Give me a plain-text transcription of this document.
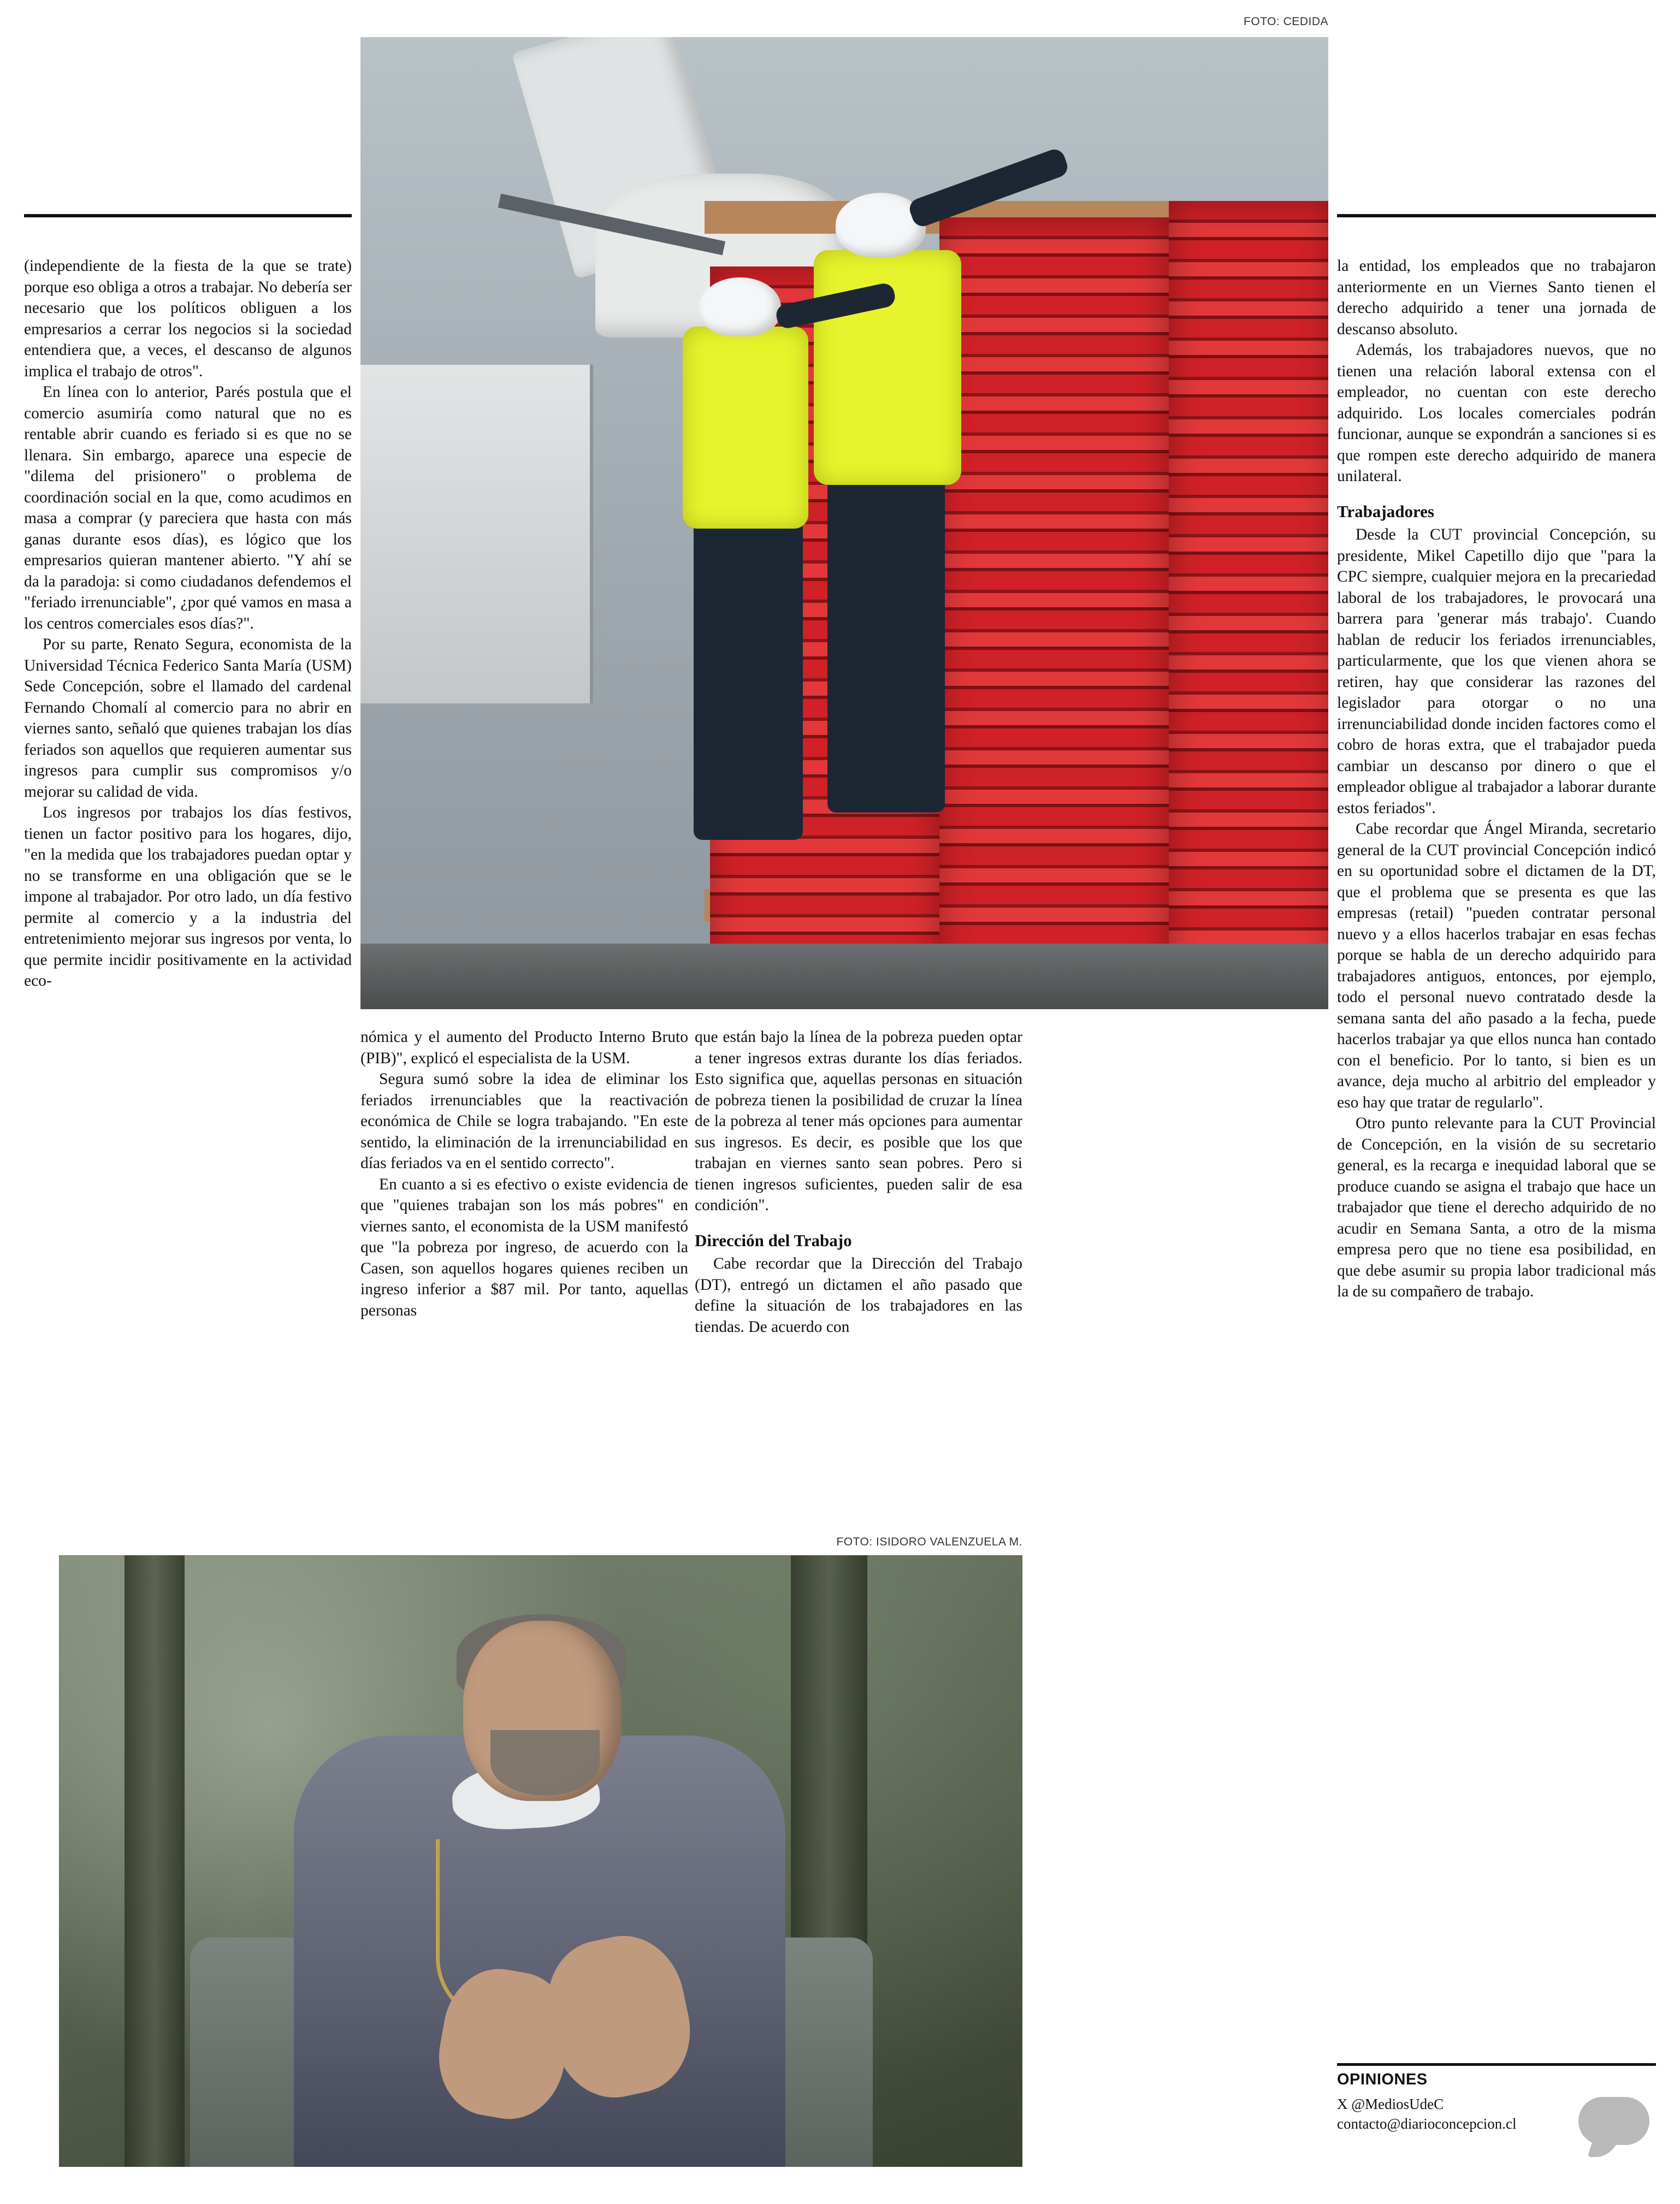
FOTO: CEDIDA

(independiente de la fiesta de la que se trate) porque eso obliga a otros a trabajar. No debería ser necesario que los políticos obliguen a los empresarios a cerrar los negocios si la sociedad entendiera que, a veces, el descanso de algunos implica el trabajo de otros".

En línea con lo anterior, Parés postula que el comercio asumiría como natural que no es rentable abrir cuando es feriado si es que no se llenara. Sin embargo, aparece una especie de "dilema del prisionero" o problema de coordinación social en la que, como acudimos en masa a comprar (y pareciera que hasta con más ganas durante esos días), es lógico que los empresarios quieran mantener abierto. "Y ahí se da la paradoja: si como ciudadanos defendemos el "feriado irrenunciable", ¿por qué vamos en masa a los centros comerciales esos días?".

Por su parte, Renato Segura, economista de la Universidad Técnica Federico Santa María (USM) Sede Concepción, sobre el llamado del cardenal Fernando Chomalí al comercio para no abrir en viernes santo, señaló que quienes trabajan los días feriados son aquellos que requieren aumentar sus ingresos para cumplir sus compromisos y/o mejorar su calidad de vida.

Los ingresos por trabajos los días festivos, tienen un factor positivo para los hogares, dijo, "en la medida que los trabajadores puedan optar y no se transforme en una obligación que se le impone al trabajador. Por otro lado, un día festivo permite al comercio y a la industria del entretenimiento mejorar sus ingresos por venta, lo que permite incidir positivamente en la actividad eco-

nómica y el aumento del Producto Interno Bruto (PIB)", explicó el especialista de la USM.

Segura sumó sobre la idea de eliminar los feriados irrenunciables que la reactivación económica de Chile se logra trabajando. "En este sentido, la eliminación de la irrenunciabilidad en días feriados va en el sentido correcto".

En cuanto a si es efectivo o existe evidencia de que "quienes trabajan son los más pobres" en viernes santo, el economista de la USM manifestó que "la pobreza por ingreso, de acuerdo con la Casen, son aquellos hogares quienes reciben un ingreso inferior a $87 mil. Por tanto, aquellas personas

que están bajo la línea de la pobreza pueden optar a tener ingresos extras durante los días feriados. Esto significa que, aquellas personas en situación de pobreza tienen la posibilidad de cruzar la línea de la pobreza al tener más opciones para aumentar sus ingresos. Es decir, es posible que los que trabajan en viernes santo sean pobres. Pero si tienen ingresos suficientes, pueden salir de esa condición".

Dirección del Trabajo

Cabe recordar que la Dirección del Trabajo (DT), entregó un dictamen el año pasado que define la situación de los trabajadores en las tiendas. De acuerdo con

la entidad, los empleados que no trabajaron anteriormente en un Viernes Santo tienen el derecho adquirido a tener una jornada de descanso absoluto.

Además, los trabajadores nuevos, que no tienen una relación laboral extensa con el empleador, no cuentan con este derecho adquirido. Los locales comerciales podrán funcionar, aunque se expondrán a sanciones si es que rompen este derecho adquirido de manera unilateral.

Trabajadores

Desde la CUT provincial Concepción, su presidente, Mikel Capetillo dijo que "para la CPC siempre, cualquier mejora en la precariedad laboral de los trabajadores, le provocará una barrera para 'generar más trabajo'. Cuando hablan de reducir los feriados irrenunciables, particularmente, que los que vienen ahora se retiren, hay que considerar las razones del legislador para otorgar o no una irrenunciabilidad donde inciden factores como el cobro de horas extra, que el trabajador pueda cambiar un descanso por dinero o que el empleador obligue al trabajador a laborar durante estos feriados".

Cabe recordar que Ángel Miranda, secretario general de la CUT provincial Concepción indicó en su oportunidad sobre el dictamen de la DT, que el problema que se presenta es que las empresas (retail) "pueden contratar personal nuevo y a ellos hacerlos trabajar en esas fechas porque se habla de un derecho adquirido para trabajadores antiguos, entonces, por ejemplo, todo el personal nuevo contratado desde la semana santa del año pasado a la fecha, puede hacerlos trabajar ya que ellos nunca han contado con el beneficio. Por lo tanto, si bien es un avance, deja mucho al arbitrio del empleador y eso hay que tratar de regularlo".

Otro punto relevante para la CUT Provincial de Concepción, en la visión de su secretario general, es la recarga e inequidad laboral que se produce cuando se asigna el trabajo que hace un trabajador que tiene el derecho adquirido de no acudir en Semana Santa, a otro de la misma empresa pero que no tiene esa posibilidad, en que debe asumir su propia labor tradicional más la de su compañero de trabajo.

FOTO: ISIDORO VALENZUELA M.
OPINIONES
X @MediosUdeC
contacto@diarioconcepcion.cl
